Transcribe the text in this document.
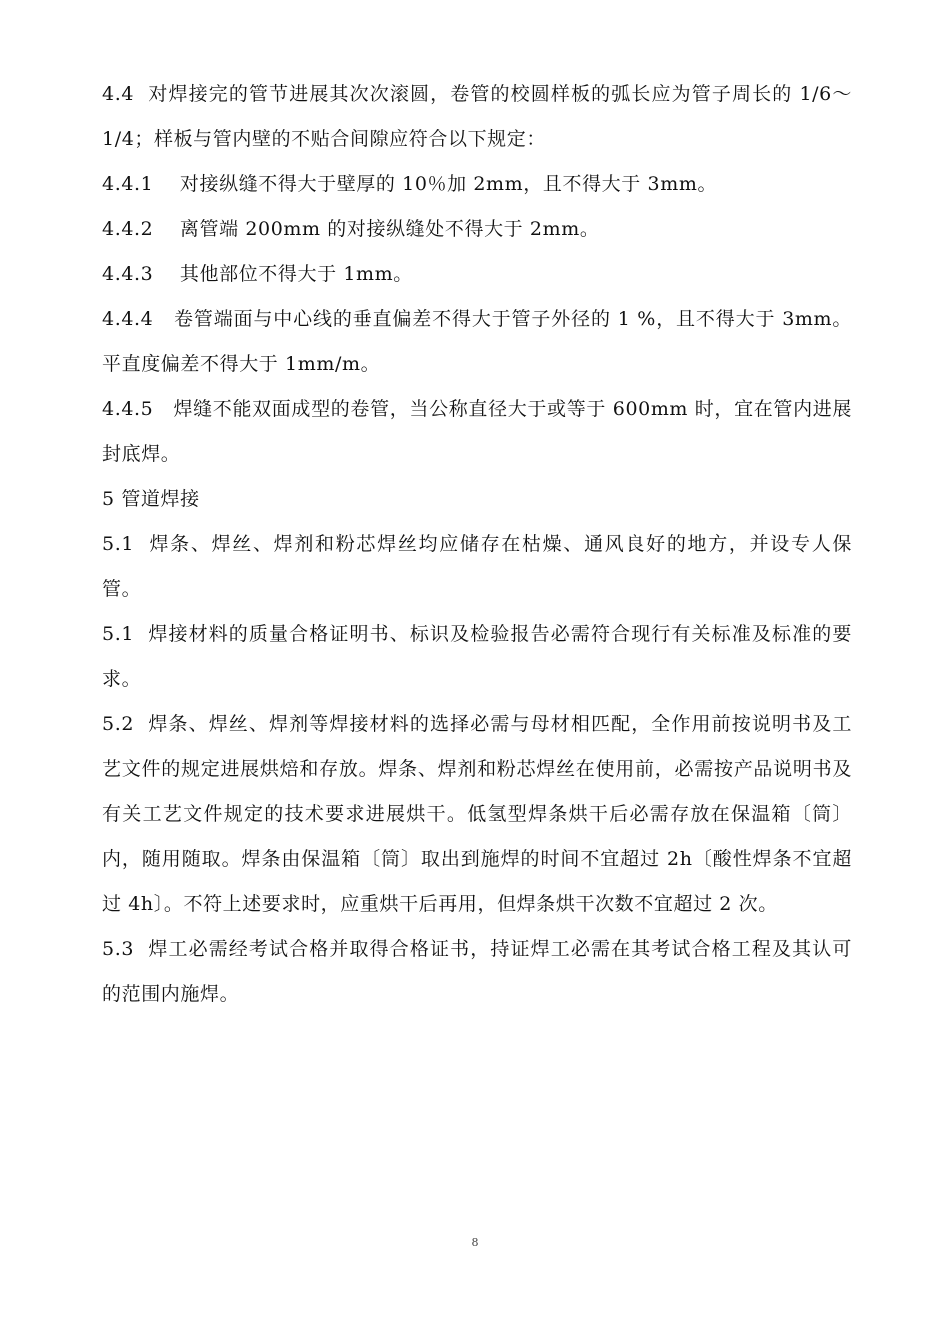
4.4  对焊接完的管节进展其次次滚圆，卷管的校圆样板的弧长应为管子周长的 1/6～1/4；样板与管内壁的不贴合间隙应符合以下规定：

4.4.1    对接纵缝不得大于壁厚的 10％加 2mm，且不得大于 3mm。

4.4.2    离管端 200mm 的对接纵缝处不得大于 2mm。

4.4.3    其他部位不得大于 1mm。

4.4.4   卷管端面与中心线的垂直偏差不得大于管子外径的 1 %，且不得大于 3mm。平直度偏差不得大于 1mm/m。

4.4.5   焊缝不能双面成型的卷管，当公称直径大于或等于 600mm 时，宜在管内进展封底焊。

5 管道焊接

5.1  焊条、焊丝、焊剂和粉芯焊丝均应储存在枯燥、通风良好的地方，并设专人保管。

5.1  焊接材料的质量合格证明书、标识及检验报告必需符合现行有关标准及标准的要求。

5.2  焊条、焊丝、焊剂等焊接材料的选择必需与母材相匹配，全作用前按说明书及工艺文件的规定进展烘焙和存放。焊条、焊剂和粉芯焊丝在使用前，必需按产品说明书及有关工艺文件规定的技术要求进展烘干。低氢型焊条烘干后必需存放在保温箱〔筒〕内，随用随取。焊条由保温箱〔筒〕取出到施焊的时间不宜超过 2h〔酸性焊条不宜超过 4h〕。不符上述要求时，应重烘干后再用，但焊条烘干次数不宜超过 2 次。

5.3  焊工必需经考试合格并取得合格证书，持证焊工必需在其考试合格工程及其认可的范围内施焊。

8
